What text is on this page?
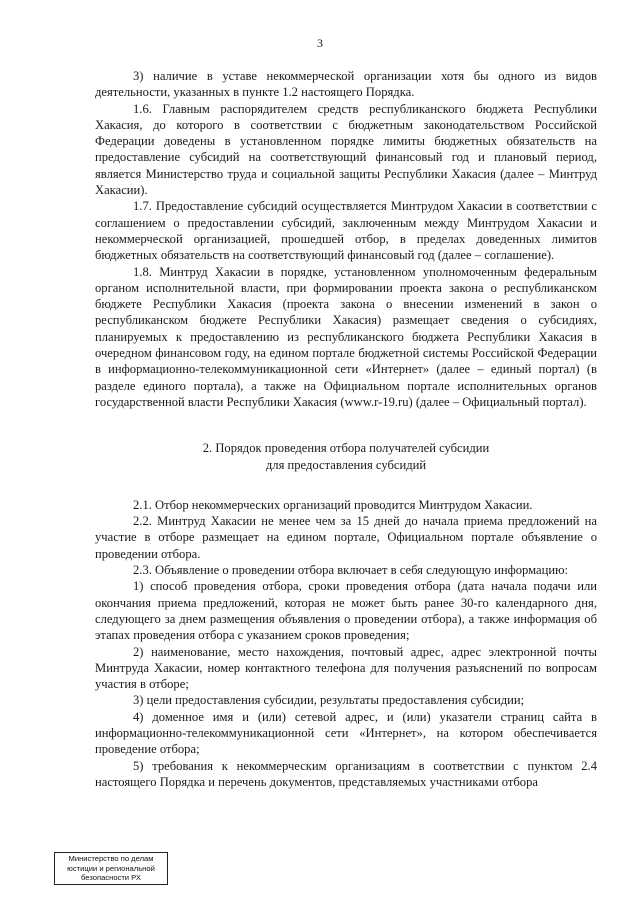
3

3) наличие в уставе некоммерческой организации хотя бы одного из видов деятельности, указанных в пункте 1.2 настоящего Порядка.

1.6. Главным распорядителем средств республиканского бюджета Республики Хакасия, до которого в соответствии с бюджетным законодательством Российской Федерации доведены в установленном порядке лимиты бюджетных обязательств на предоставление субсидий на соответствующий финансовый год и плановый период, является Министерство труда и социальной защиты Республики Хакасия (далее – Минтруд Хакасии).

1.7. Предоставление субсидий осуществляется Минтрудом Хакасии в соответствии с соглашением о предоставлении субсидий, заключенным между Минтрудом Хакасии и некоммерческой организацией, прошедшей отбор, в пределах доведенных лимитов бюджетных обязательств на соответствующий финансовый год (далее – соглашение).

1.8. Минтруд Хакасии в порядке, установленном уполномоченным федеральным органом исполнительной власти, при формировании проекта закона о республиканском бюджете Республики Хакасия (проекта закона о внесении изменений в закон о республиканском бюджете Республики Хакасия) размещает сведения о субсидиях, планируемых к предоставлению из республиканского бюджета Республики Хакасия в очередном финансовом году, на едином портале бюджетной системы Российской Федерации в информационно-телекоммуникационной сети «Интернет» (далее – единый портал) (в разделе единого портала), а также на Официальном портале исполнительных органов государственной власти Республики Хакасия (www.r-19.ru) (далее – Официальный портал).

2. Порядок проведения отбора получателей субсидии
для предоставления субсидий

2.1. Отбор некоммерческих организаций проводится Минтрудом Хакасии.

2.2. Минтруд Хакасии не менее чем за 15 дней до начала приема предложений на участие в отборе размещает на едином портале, Официальном портале объявление о проведении отбора.

2.3. Объявление о проведении отбора включает в себя следующую информацию:

1) способ проведения отбора, сроки проведения отбора (дата начала подачи или окончания приема предложений, которая не может быть ранее 30-го календарного дня, следующего за днем размещения объявления о проведении отбора), а также информация об этапах проведения отбора с указанием сроков проведения;

2) наименование, место нахождения, почтовый адрес, адрес электронной почты Минтруда Хакасии, номер контактного телефона для получения разъяснений по вопросам участия в отборе;

3) цели предоставления субсидии, результаты предоставления субсидии;

4) доменное имя и (или) сетевой адрес, и (или) указатели страниц сайта в информационно-телекоммуникационной сети «Интернет», на котором обеспечивается проведение отбора;

5) требования к некоммерческим организациям в соответствии с пунктом 2.4 настоящего Порядка и перечень документов, представляемых участниками отбора

Министерство по делам
юстиции и региональной
безопасности РХ
